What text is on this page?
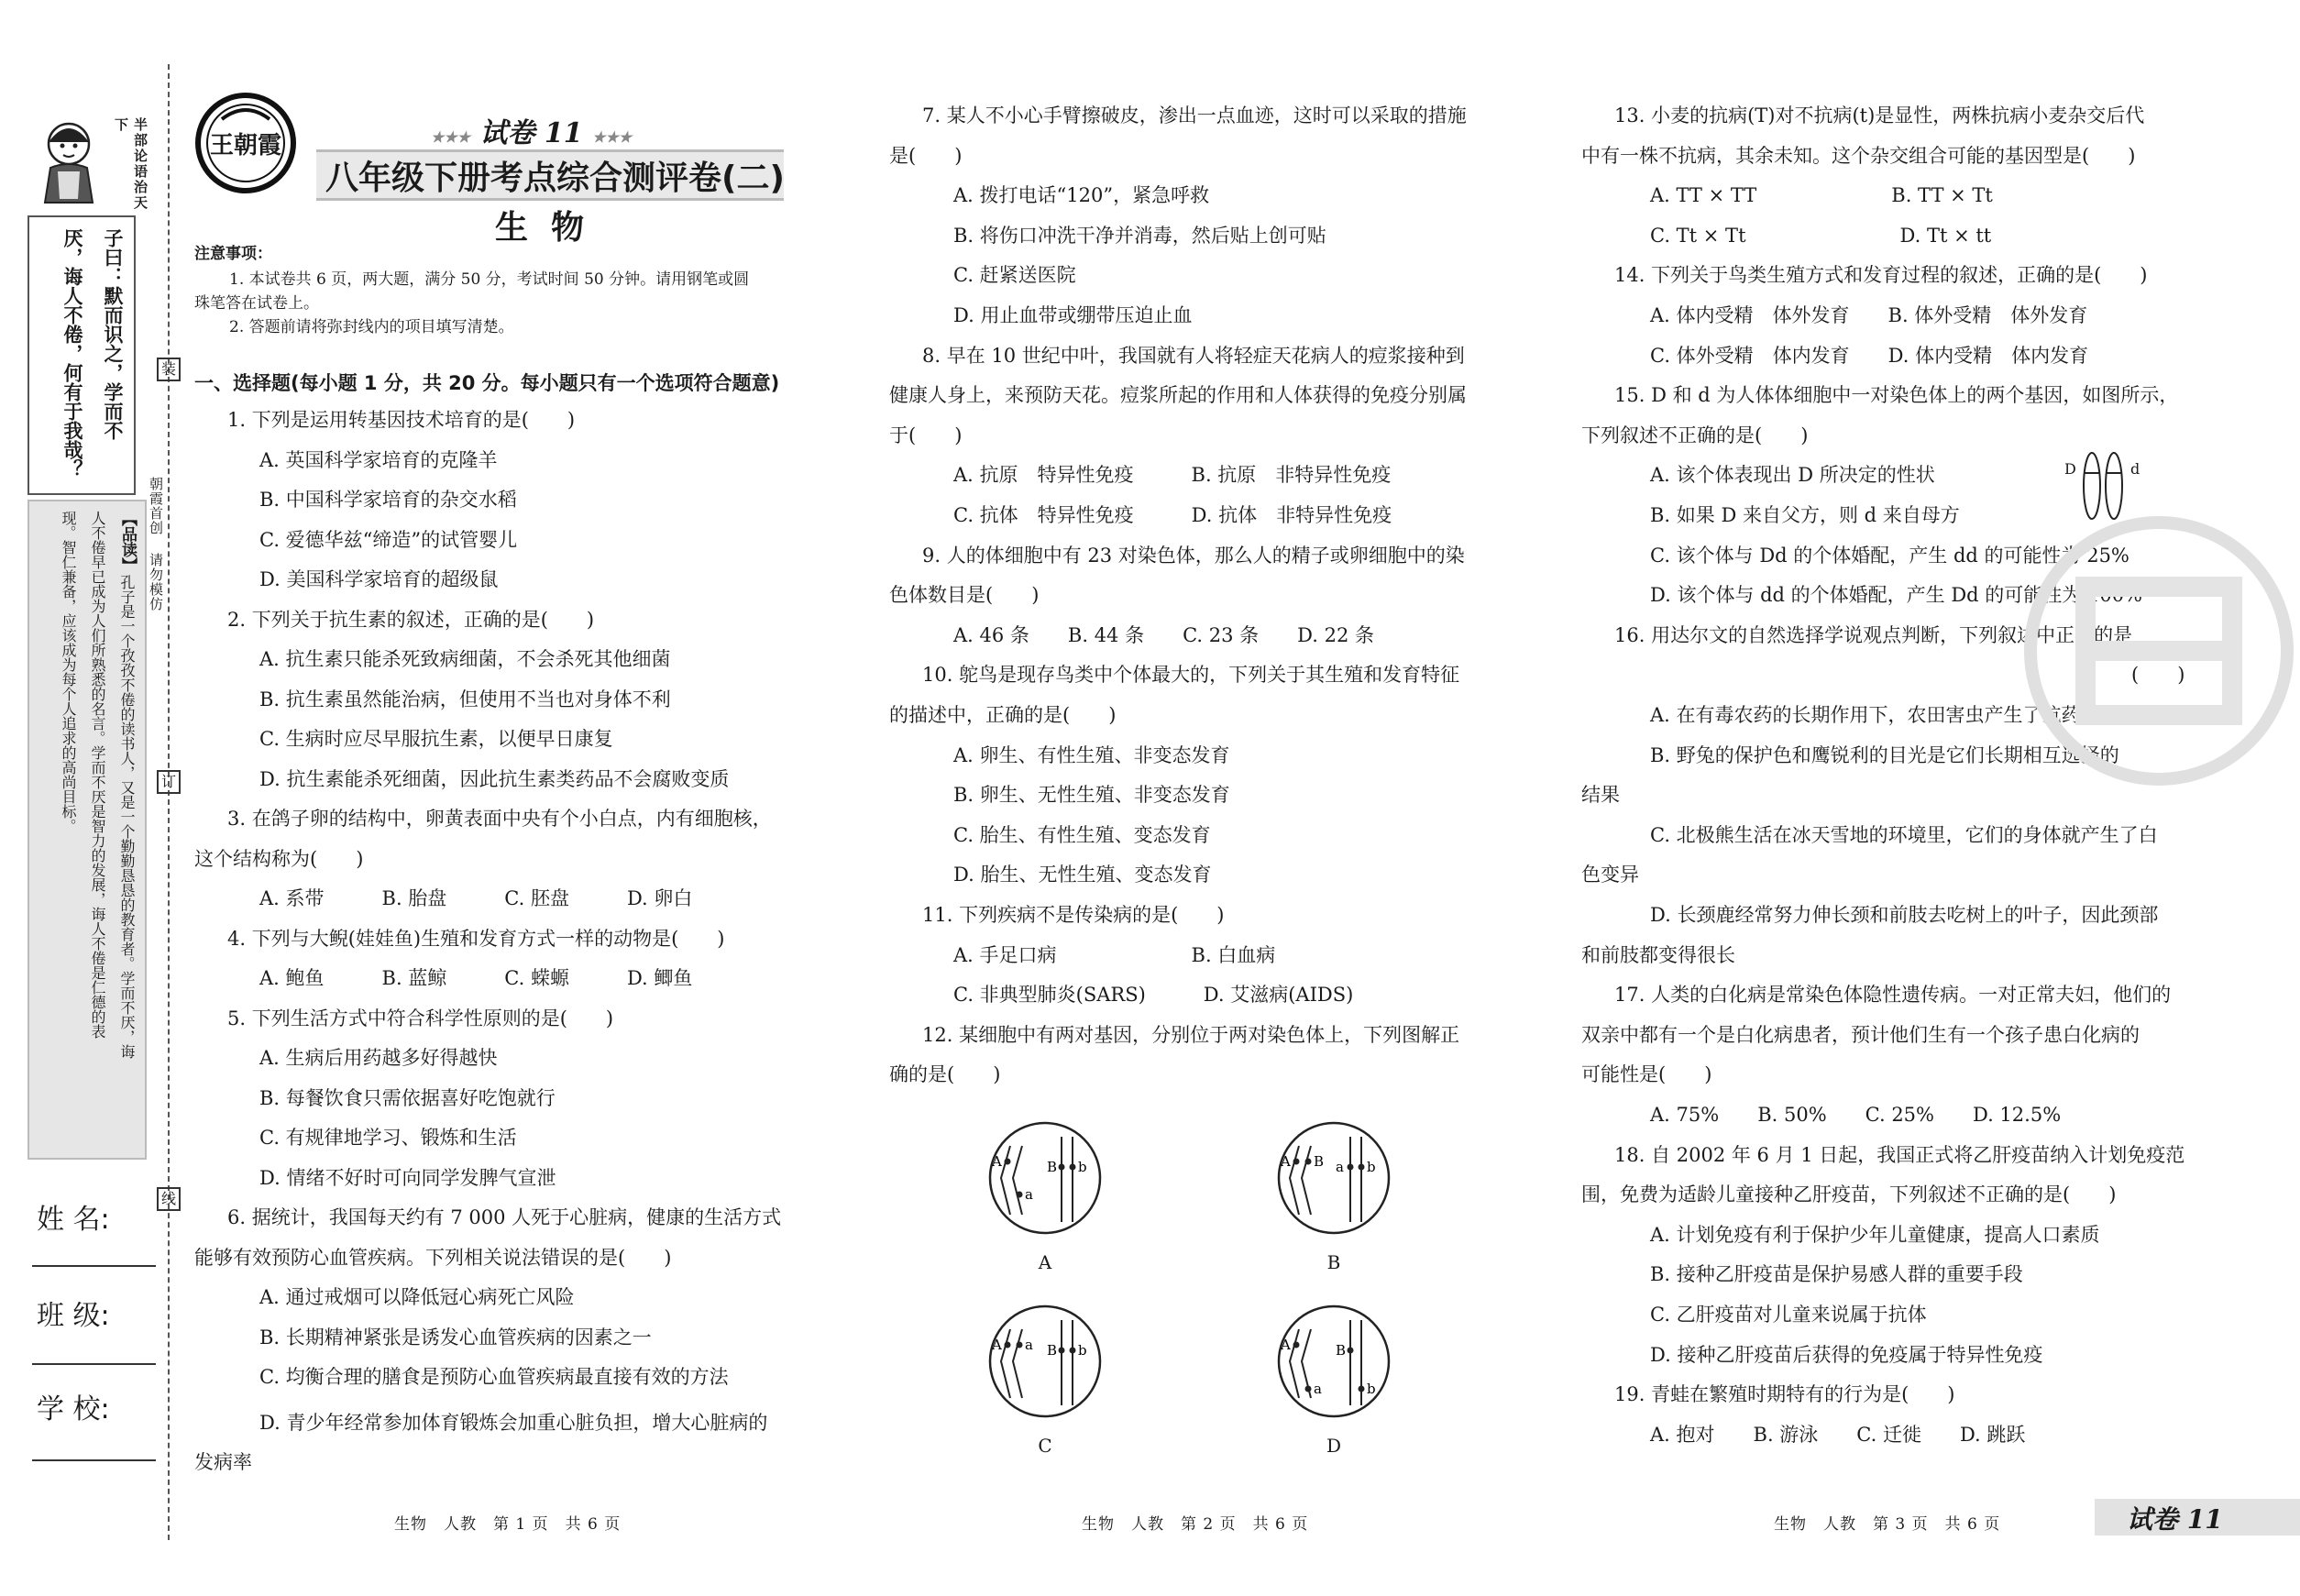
半部论语治天下
子曰：默而识之，学而不
厌，诲人不倦，何有于我哉？
【品读】
孔子是一个孜孜不倦的读书人，又是一个勤勤恳恳的教育者。学而不厌，诲
人不倦早已成为人们所熟悉的名言。学而不厌是智力的发展，诲人不倦是仁德的表
现。智仁兼备，应该成为每个人追求的高尚目标。
姓 名:
班 级:
学 校:
装
订
线
朝霞首创 请勿模仿
王朝霞	★★★ 试卷 11 ★★★
八年级下册考点综合测评卷(二)
生  物
注意事项：
1. 本试卷共 6 页，两大题，满分 50 分，考试时间 50 分钟。请用钢笔或圆
珠笔答在试卷上。
2. 答题前请将弥封线内的项目填写清楚。
一、选择题(每小题 1 分，共 20 分。每小题只有一个选项符合题意)
1. 下列是运用转基因技术培育的是(　　)
A. 英国科学家培育的克隆羊
B. 中国科学家培育的杂交水稻
C. 爱德华兹“缔造”的试管婴儿
D. 美国科学家培育的超级鼠
2. 下列关于抗生素的叙述，正确的是(　　)
A. 抗生素只能杀死致病细菌，不会杀死其他细菌
B. 抗生素虽然能治病，但使用不当也对身体不利
C. 生病时应尽早服抗生素，以便早日康复
D. 抗生素能杀死细菌，因此抗生素类药品不会腐败变质
3. 在鸽子卵的结构中，卵黄表面中央有个小白点，内有细胞核，
这个结构称为(　　)
A. 系带　　　B. 胎盘　　　C. 胚盘　　　D. 卵白
4. 下列与大鲵(娃娃鱼)生殖和发育方式一样的动物是(　　)
A. 鲍鱼　　　B. 蓝鲸　　　C. 蝾螈　　　D. 鲫鱼
5. 下列生活方式中符合科学性原则的是(　　)
A. 生病后用药越多好得越快
B. 每餐饮食只需依据喜好吃饱就行
C. 有规律地学习、锻炼和生活
D. 情绪不好时可向同学发脾气宣泄
6. 据统计，我国每天约有 7 000 人死于心脏病，健康的生活方式
能够有效预防心血管疾病。下列相关说法错误的是(　　)
A. 通过戒烟可以降低冠心病死亡风险
B. 长期精神紧张是诱发心血管疾病的因素之一
C. 均衡合理的膳食是预防心血管疾病最直接有效的方法
D. 青少年经常参加体育锻炼会加重心脏负担，增大心脏病的
发病率
7. 某人不小心手臂擦破皮，渗出一点血迹，这时可以采取的措施
是(　　)
A. 拨打电话“120”，紧急呼救
B. 将伤口冲洗干净并消毒，然后贴上创可贴
C. 赶紧送医院
D. 用止血带或绷带压迫止血
8. 早在 10 世纪中叶，我国就有人将轻症天花病人的痘浆接种到
健康人身上，来预防天花。痘浆所起的作用和人体获得的免疫分别属
于(　　)
A. 抗原　特异性免疫　　　B. 抗原　非特异性免疫
C. 抗体　特异性免疫　　　D. 抗体　非特异性免疫
9. 人的体细胞中有 23 对染色体，那么人的精子或卵细胞中的染
色体数目是(　　)
A. 46 条　　B. 44 条　　C. 23 条　　D. 22 条
10. 鸵鸟是现存鸟类中个体最大的，下列关于其生殖和发育特征
的描述中，正确的是(　　)
A. 卵生、有性生殖、非变态发育
B. 卵生、无性生殖、非变态发育
C. 胎生、有性生殖、变态发育
D. 胎生、无性生殖、变态发育
11. 下列疾病不是传染病的是(　　)
A. 手足口病　　　　　　　B. 白血病
C. 非典型肺炎(SARS)　　　D. 艾滋病(AIDS)
12. 某细胞中有两对基因，分别位于两对染色体上，下列图解正
确的是(　　)
A
a
B b
A
A B a b
B
A a B b
C
A
a
B
b
D
13. 小麦的抗病(T)对不抗病(t)是显性，两株抗病小麦杂交后代
中有一株不抗病，其余未知。这个杂交组合可能的基因型是(　　)
A. TT × TT　　　　　　　B. TT × Tt
C. Tt × Tt　　　　　　　　D. Tt × tt
14. 下列关于鸟类生殖方式和发育过程的叙述，正确的是(　　)
A. 体内受精　体外发育　　B. 体外受精　体外发育
C. 体外受精　体内发育　　D. 体内受精　体内发育
15. D 和 d 为人体体细胞中一对染色体上的两个基因，如图所示，
下列叙述不正确的是(　　)
A. 该个体表现出 D 所决定的性状
B. 如果 D 来自父方，则 d 来自母方
C. 该个体与 Dd 的个体婚配，产生 dd 的可能性为 25%
D. 该个体与 dd 的个体婚配，产生 Dd 的可能性为 100%
16. 用达尔文的自然选择学说观点判断，下列叙述中正确的是
(　　)
A. 在有毒农药的长期作用下，农田害虫产生了抗药性
B. 野兔的保护色和鹰锐利的目光是它们长期相互选择的
结果
C. 北极熊生活在冰天雪地的环境里，它们的身体就产生了白
色变异
D. 长颈鹿经常努力伸长颈和前肢去吃树上的叶子，因此颈部
和前肢都变得很长
17. 人类的白化病是常染色体隐性遗传病。一对正常夫妇，他们的
双亲中都有一个是白化病患者，预计他们生有一个孩子患白化病的
可能性是(　　)
A. 75%　　B. 50%　　C. 25%　　D. 12.5%
18. 自 2002 年 6 月 1 日起，我国正式将乙肝疫苗纳入计划免疫范
围，免费为适龄儿童接种乙肝疫苗，下列叙述不正确的是(　　)
A. 计划免疫有利于保护少年儿童健康，提高人口素质
B. 接种乙肝疫苗是保护易感人群的重要手段
C. 乙肝疫苗对儿童来说属于抗体
D. 接种乙肝疫苗后获得的免疫属于特异性免疫
19. 青蛙在繁殖时期特有的行为是(　　)
A. 抱对　　B. 游泳　　C. 迁徙　　D. 跳跃
D	d
生物　人教　第 1 页　共 6 页	生物　人教　第 2 页　共 6 页	生物　人教　第 3 页　共 6 页	试卷 11
